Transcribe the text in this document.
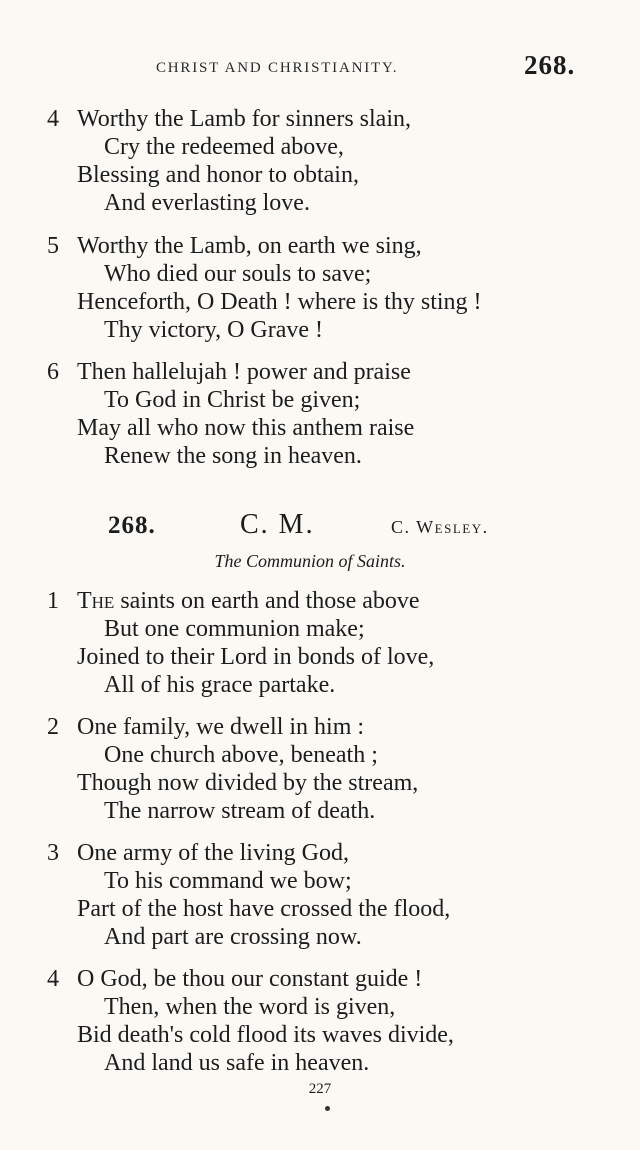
CHRIST AND CHRISTIANITY.	268.
4 Worthy the Lamb for sinners slain,
Cry the redeemed above,
Blessing and honor to obtain,
And everlasting love.
5 Worthy the Lamb, on earth we sing,
Who died our souls to save;
Henceforth, O Death ! where is thy sting !
Thy victory, O Grave !
6 Then hallelujah ! power and praise
To God in Christ be given;
May all who now this anthem raise
Renew the song in heaven.
268.	C. M.	C. Wesley.
The Communion of Saints.
1 The saints on earth and those above
But one communion make;
Joined to their Lord in bonds of love,
All of his grace partake.
2 One family, we dwell in him :
One church above, beneath ;
Though now divided by the stream,
The narrow stream of death.
3 One army of the living God,
To his command we bow;
Part of the host have crossed the flood,
And part are crossing now.
4 O God, be thou our constant guide !
Then, when the word is given,
Bid death's cold flood its waves divide,
And land us safe in heaven.
227
